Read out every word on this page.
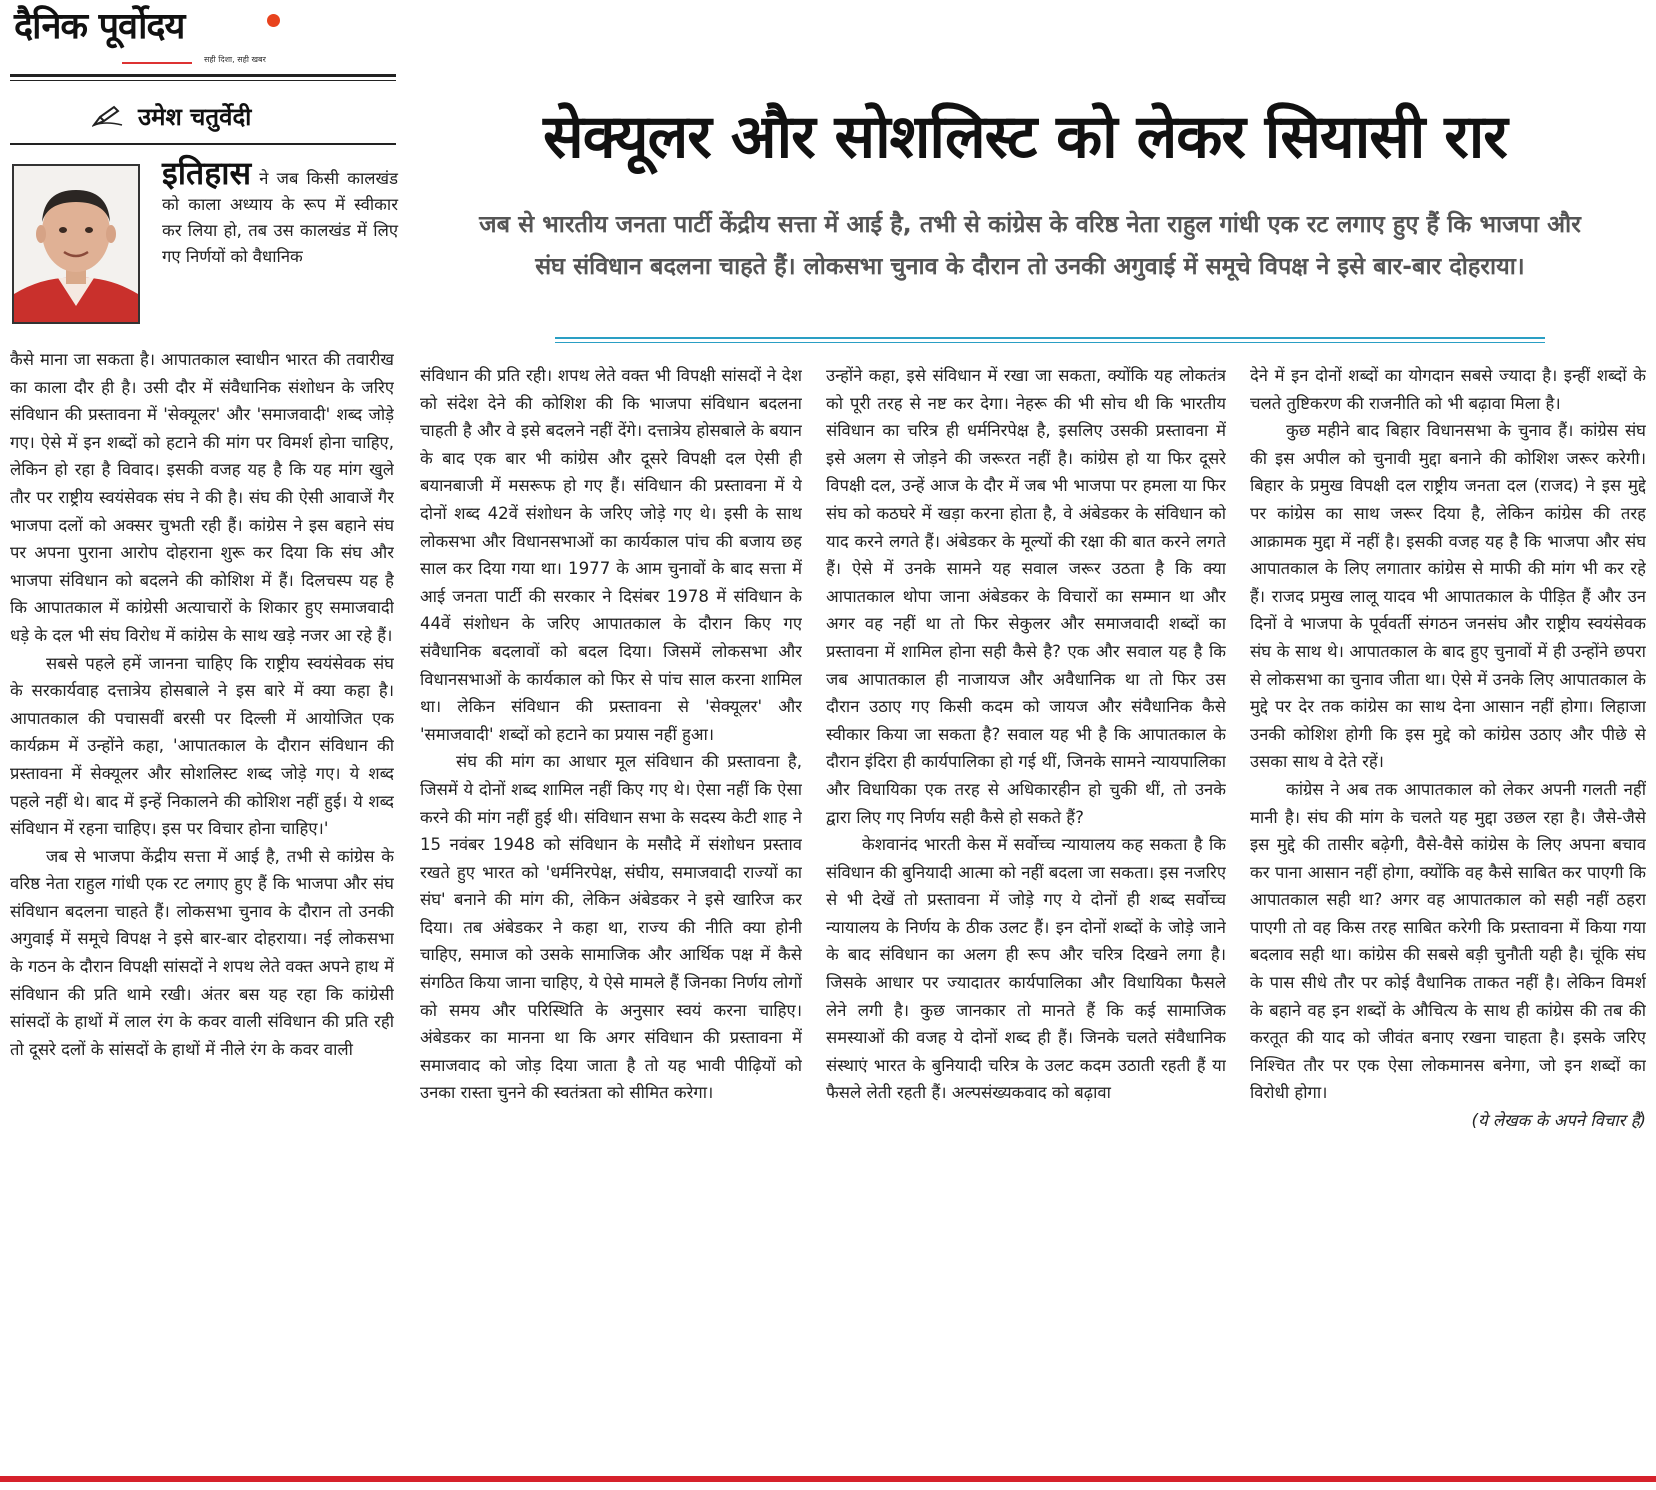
दैनिक पूर्वोदय
सही दिशा, सही खबर
उमेश चतुर्वेदी	सेक्यूलर और सोशलिस्ट को लेकर सियासी रार
जब से भारतीय जनता पार्टी केंद्रीय सत्ता में आई है, तभी से कांग्रेस के वरिष्ठ नेता राहुल गांधी एक रट लगाए हुए हैं कि भाजपा और संघ संविधान बदलना चाहते हैं। लोकसभा चुनाव के दौरान तो उनकी अगुवाई में समूचे विपक्ष ने इसे बार-बार दोहराया।

इतिहास ने जब किसी कालखंड को काला अध्याय के रूप में स्वीकार कर लिया हो, तब उस कालखंड में लिए गए निर्णयों को वैधानिक

कैसे माना जा सकता है। आपातकाल स्वाधीन भारत की तवारीख का काला दौर ही है। उसी दौर में संवैधानिक संशोधन के जरिए संविधान की प्रस्तावना में 'सेक्यूलर' और 'समाजवादी' शब्द जोड़े गए। ऐसे में इन शब्दों को हटाने की मांग पर विमर्श होना चाहिए, लेकिन हो रहा है विवाद। इसकी वजह यह है कि यह मांग खुले तौर पर राष्ट्रीय स्वयंसेवक संघ ने की है। संघ की ऐसी आवाजें गैर भाजपा दलों को अक्सर चुभती रही हैं। कांग्रेस ने इस बहाने संघ पर अपना पुराना आरोप दोहराना शुरू कर दिया कि संघ और भाजपा संविधान को बदलने की कोशिश में हैं। दिलचस्प यह है कि आपातकाल में कांग्रेसी अत्याचारों के शिकार हुए समाजवादी धड़े के दल भी संघ विरोध में कांग्रेस के साथ खड़े नजर आ रहे हैं।

सबसे पहले हमें जानना चाहिए कि राष्ट्रीय स्वयंसेवक संघ के सरकार्यवाह दत्तात्रेय होसबाले ने इस बारे में क्या कहा है। आपातकाल की पचासवीं बरसी पर दिल्ली में आयोजित एक कार्यक्रम में उन्होंने कहा, 'आपातकाल के दौरान संविधान की प्रस्तावना में सेक्यूलर और सोशलिस्ट शब्द जोड़े गए। ये शब्द पहले नहीं थे। बाद में इन्हें निकालने की कोशिश नहीं हुई। ये शब्द संविधान में रहना चाहिए। इस पर विचार होना चाहिए।'

जब से भाजपा केंद्रीय सत्ता में आई है, तभी से कांग्रेस के वरिष्ठ नेता राहुल गांधी एक रट लगाए हुए हैं कि भाजपा और संघ संविधान बदलना चाहते हैं। लोकसभा चुनाव के दौरान तो उनकी अगुवाई में समूचे विपक्ष ने इसे बार-बार दोहराया। नई लोकसभा के गठन के दौरान विपक्षी सांसदों ने शपथ लेते वक्त अपने हाथ में संविधान की प्रति थामे रखी। अंतर बस यह रहा कि कांग्रेसी सांसदों के हाथों में लाल रंग के कवर वाली संविधान की प्रति रही तो दूसरे दलों के सांसदों के हाथों में नीले रंग के कवर वाली

संविधान की प्रति रही। शपथ लेते वक्त भी विपक्षी सांसदों ने देश को संदेश देने की कोशिश की कि भाजपा संविधान बदलना चाहती है और वे इसे बदलने नहीं देंगे। दत्तात्रेय होसबाले के बयान के बाद एक बार भी कांग्रेस और दूसरे विपक्षी दल ऐसी ही बयानबाजी में मसरूफ हो गए हैं। संविधान की प्रस्तावना में ये दोनों शब्द 42वें संशोधन के जरिए जोड़े गए थे। इसी के साथ लोकसभा और विधानसभाओं का कार्यकाल पांच की बजाय छह साल कर दिया गया था। 1977 के आम चुनावों के बाद सत्ता में आई जनता पार्टी की सरकार ने दिसंबर 1978 में संविधान के 44वें संशोधन के जरिए आपातकाल के दौरान किए गए संवैधानिक बदलावों को बदल दिया। जिसमें लोकसभा और विधानसभाओं के कार्यकाल को फिर से पांच साल करना शामिल था। लेकिन संविधान की प्रस्तावना से 'सेक्यूलर' और 'समाजवादी' शब्दों को हटाने का प्रयास नहीं हुआ।

संघ की मांग का आधार मूल संविधान की प्रस्तावना है, जिसमें ये दोनों शब्द शामिल नहीं किए गए थे। ऐसा नहीं कि ऐसा करने की मांग नहीं हुई थी। संविधान सभा के सदस्य केटी शाह ने 15 नवंबर 1948 को संविधान के मसौदे में संशोधन प्रस्ताव रखते हुए भारत को 'धर्मनिरपेक्ष, संघीय, समाजवादी राज्यों का संघ' बनाने की मांग की, लेकिन अंबेडकर ने इसे खारिज कर दिया। तब अंबेडकर ने कहा था, राज्य की नीति क्या होनी चाहिए, समाज को उसके सामाजिक और आर्थिक पक्ष में कैसे संगठित किया जाना चाहिए, ये ऐसे मामले हैं जिनका निर्णय लोगों को समय और परिस्थिति के अनुसार स्वयं करना चाहिए। अंबेडकर का मानना था कि अगर संविधान की प्रस्तावना में समाजवाद को जोड़ दिया जाता है तो यह भावी पीढ़ियों को उनका रास्ता चुनने की स्वतंत्रता को सीमित करेगा।

उन्होंने कहा, इसे संविधान में रखा जा सकता, क्योंकि यह लोकतंत्र को पूरी तरह से नष्ट कर देगा। नेहरू की भी सोच थी कि भारतीय संविधान का चरित्र ही धर्मनिरपेक्ष है, इसलिए उसकी प्रस्तावना में इसे अलग से जोड़ने की जरूरत नहीं है। कांग्रेस हो या फिर दूसरे विपक्षी दल, उन्हें आज के दौर में जब भी भाजपा पर हमला या फिर संघ को कठघरे में खड़ा करना होता है, वे अंबेडकर के संविधान को याद करने लगते हैं। अंबेडकर के मूल्यों की रक्षा की बात करने लगते हैं। ऐसे में उनके सामने यह सवाल जरूर उठता है कि क्या आपातकाल थोपा जाना अंबेडकर के विचारों का सम्मान था और अगर वह नहीं था तो फिर सेकुलर और समाजवादी शब्दों का प्रस्तावना में शामिल होना सही कैसे है? एक और सवाल यह है कि जब आपातकाल ही नाजायज और अवैधानिक था तो फिर उस दौरान उठाए गए किसी कदम को जायज और संवैधानिक कैसे स्वीकार किया जा सकता है? सवाल यह भी है कि आपातकाल के दौरान इंदिरा ही कार्यपालिका हो गई थीं, जिनके सामने न्यायपालिका और विधायिका एक तरह से अधिकारहीन हो चुकी थीं, तो उनके द्वारा लिए गए निर्णय सही कैसे हो सकते हैं?

केशवानंद भारती केस में सर्वोच्च न्यायालय कह सकता है कि संविधान की बुनियादी आत्मा को नहीं बदला जा सकता। इस नजरिए से भी देखें तो प्रस्तावना में जोड़े गए ये दोनों ही शब्द सर्वोच्च न्यायालय के निर्णय के ठीक उलट हैं। इन दोनों शब्दों के जोड़े जाने के बाद संविधान का अलग ही रूप और चरित्र दिखने लगा है। जिसके आधार पर ज्यादातर कार्यपालिका और विधायिका फैसले लेने लगी है। कुछ जानकार तो मानते हैं कि कई सामाजिक समस्याओं की वजह ये दोनों शब्द ही हैं। जिनके चलते संवैधानिक संस्थाएं भारत के बुनियादी चरित्र के उलट कदम उठाती रहती हैं या फैसले लेती रहती हैं। अल्पसंख्यकवाद को बढ़ावा

देने में इन दोनों शब्दों का योगदान सबसे ज्यादा है। इन्हीं शब्दों के चलते तुष्टिकरण की राजनीति को भी बढ़ावा मिला है।

कुछ महीने बाद बिहार विधानसभा के चुनाव हैं। कांग्रेस संघ की इस अपील को चुनावी मुद्दा बनाने की कोशिश जरूर करेगी। बिहार के प्रमुख विपक्षी दल राष्ट्रीय जनता दल (राजद) ने इस मुद्दे पर कांग्रेस का साथ जरूर दिया है, लेकिन कांग्रेस की तरह आक्रामक मुद्दा में नहीं है। इसकी वजह यह है कि भाजपा और संघ आपातकाल के लिए लगातार कांग्रेस से माफी की मांग भी कर रहे हैं। राजद प्रमुख लालू यादव भी आपातकाल के पीड़ित हैं और उन दिनों वे भाजपा के पूर्ववर्ती संगठन जनसंघ और राष्ट्रीय स्वयंसेवक संघ के साथ थे। आपातकाल के बाद हुए चुनावों में ही उन्होंने छपरा से लोकसभा का चुनाव जीता था। ऐसे में उनके लिए आपातकाल के मुद्दे पर देर तक कांग्रेस का साथ देना आसान नहीं होगा। लिहाजा उनकी कोशिश होगी कि इस मुद्दे को कांग्रेस उठाए और पीछे से उसका साथ वे देते रहें।

कांग्रेस ने अब तक आपातकाल को लेकर अपनी गलती नहीं मानी है। संघ की मांग के चलते यह मुद्दा उछल रहा है। जैसे-जैसे इस मुद्दे की तासीर बढ़ेगी, वैसे-वैसे कांग्रेस के लिए अपना बचाव कर पाना आसान नहीं होगा, क्योंकि वह कैसे साबित कर पाएगी कि आपातकाल सही था? अगर वह आपातकाल को सही नहीं ठहरा पाएगी तो वह किस तरह साबित करेगी कि प्रस्तावना में किया गया बदलाव सही था। कांग्रेस की सबसे बड़ी चुनौती यही है। चूंकि संघ के पास सीधे तौर पर कोई वैधानिक ताकत नहीं है। लेकिन विमर्श के बहाने वह इन शब्दों के औचित्य के साथ ही कांग्रेस की तब की करतूत की याद को जीवंत बनाए रखना चाहता है। इसके जरिए निश्चित तौर पर एक ऐसा लोकमानस बनेगा, जो इन शब्दों का विरोधी होगा।

(ये लेखक के अपने विचार हैं)
